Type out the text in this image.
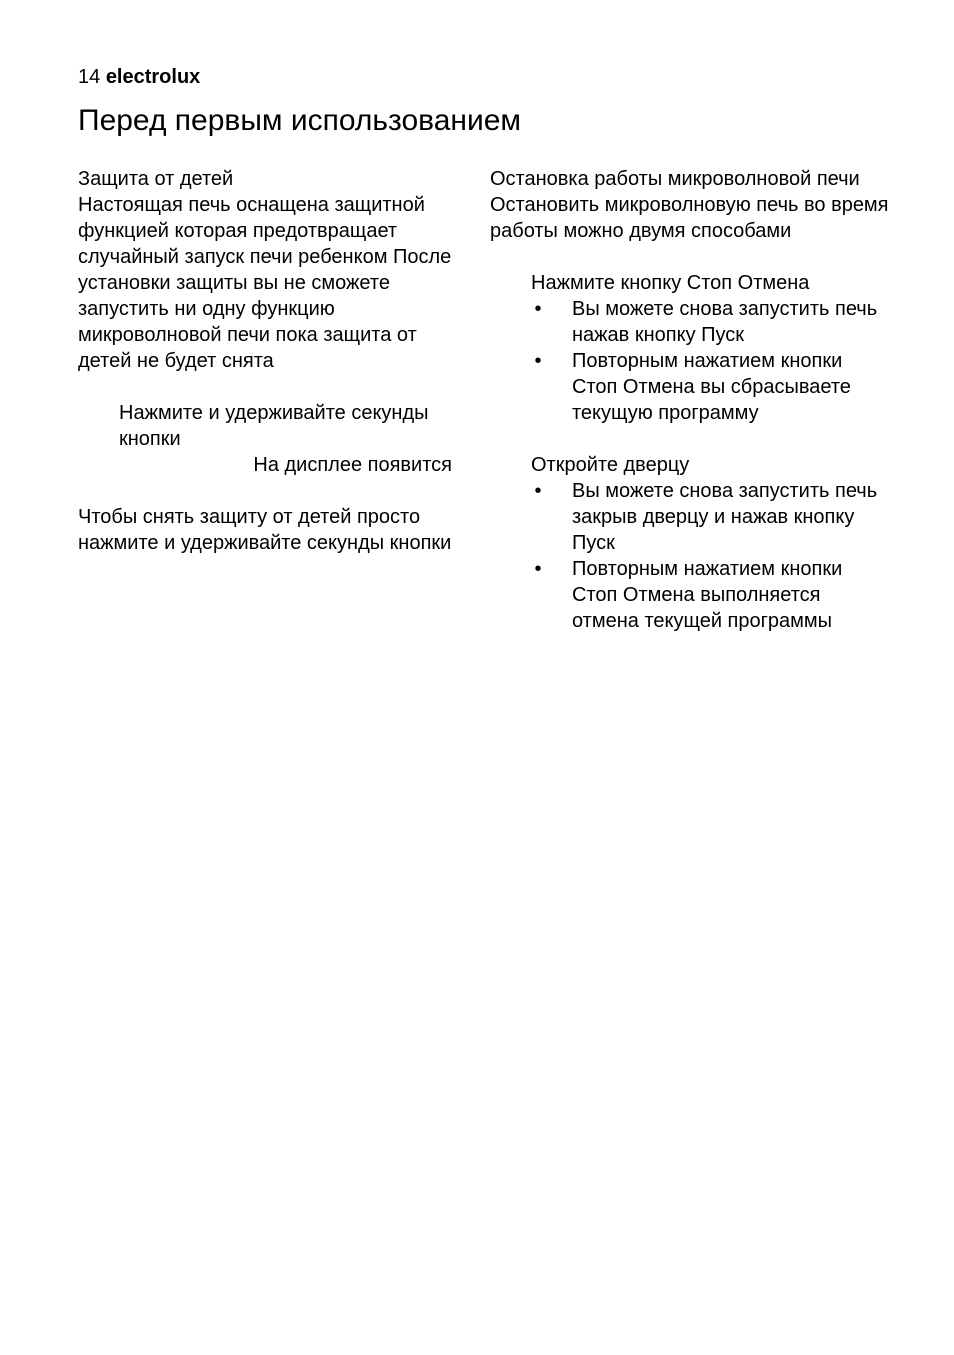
14 electrolux
Перед первым использованием

Защита от детей

Настоящая печь оснащена защитной функцией которая предотвращает случайный запуск печи ребенком После установки защиты вы не сможете запустить ни одну функцию микроволновой печи пока защита от детей не будет снята

Нажмите и удерживайте секунды кнопки

На дисплее появится

Чтобы снять защиту от детей просто нажмите и удерживайте секунды кнопки

Остановка работы микроволновой печи

Остановить микроволновую печь во время работы можно двумя способами

Нажмите кнопку Стоп Отмена

• Вы можете снова запустить печь нажав кнопку Пуск
• Повторным нажатием кнопки Стоп Отмена вы сбрасываете текущую программу

Откройте дверцу

• Вы можете снова запустить печь закрыв дверцу и нажав кнопку Пуск
• Повторным нажатием кнопки Стоп Отмена выполняется отмена текущей программы
